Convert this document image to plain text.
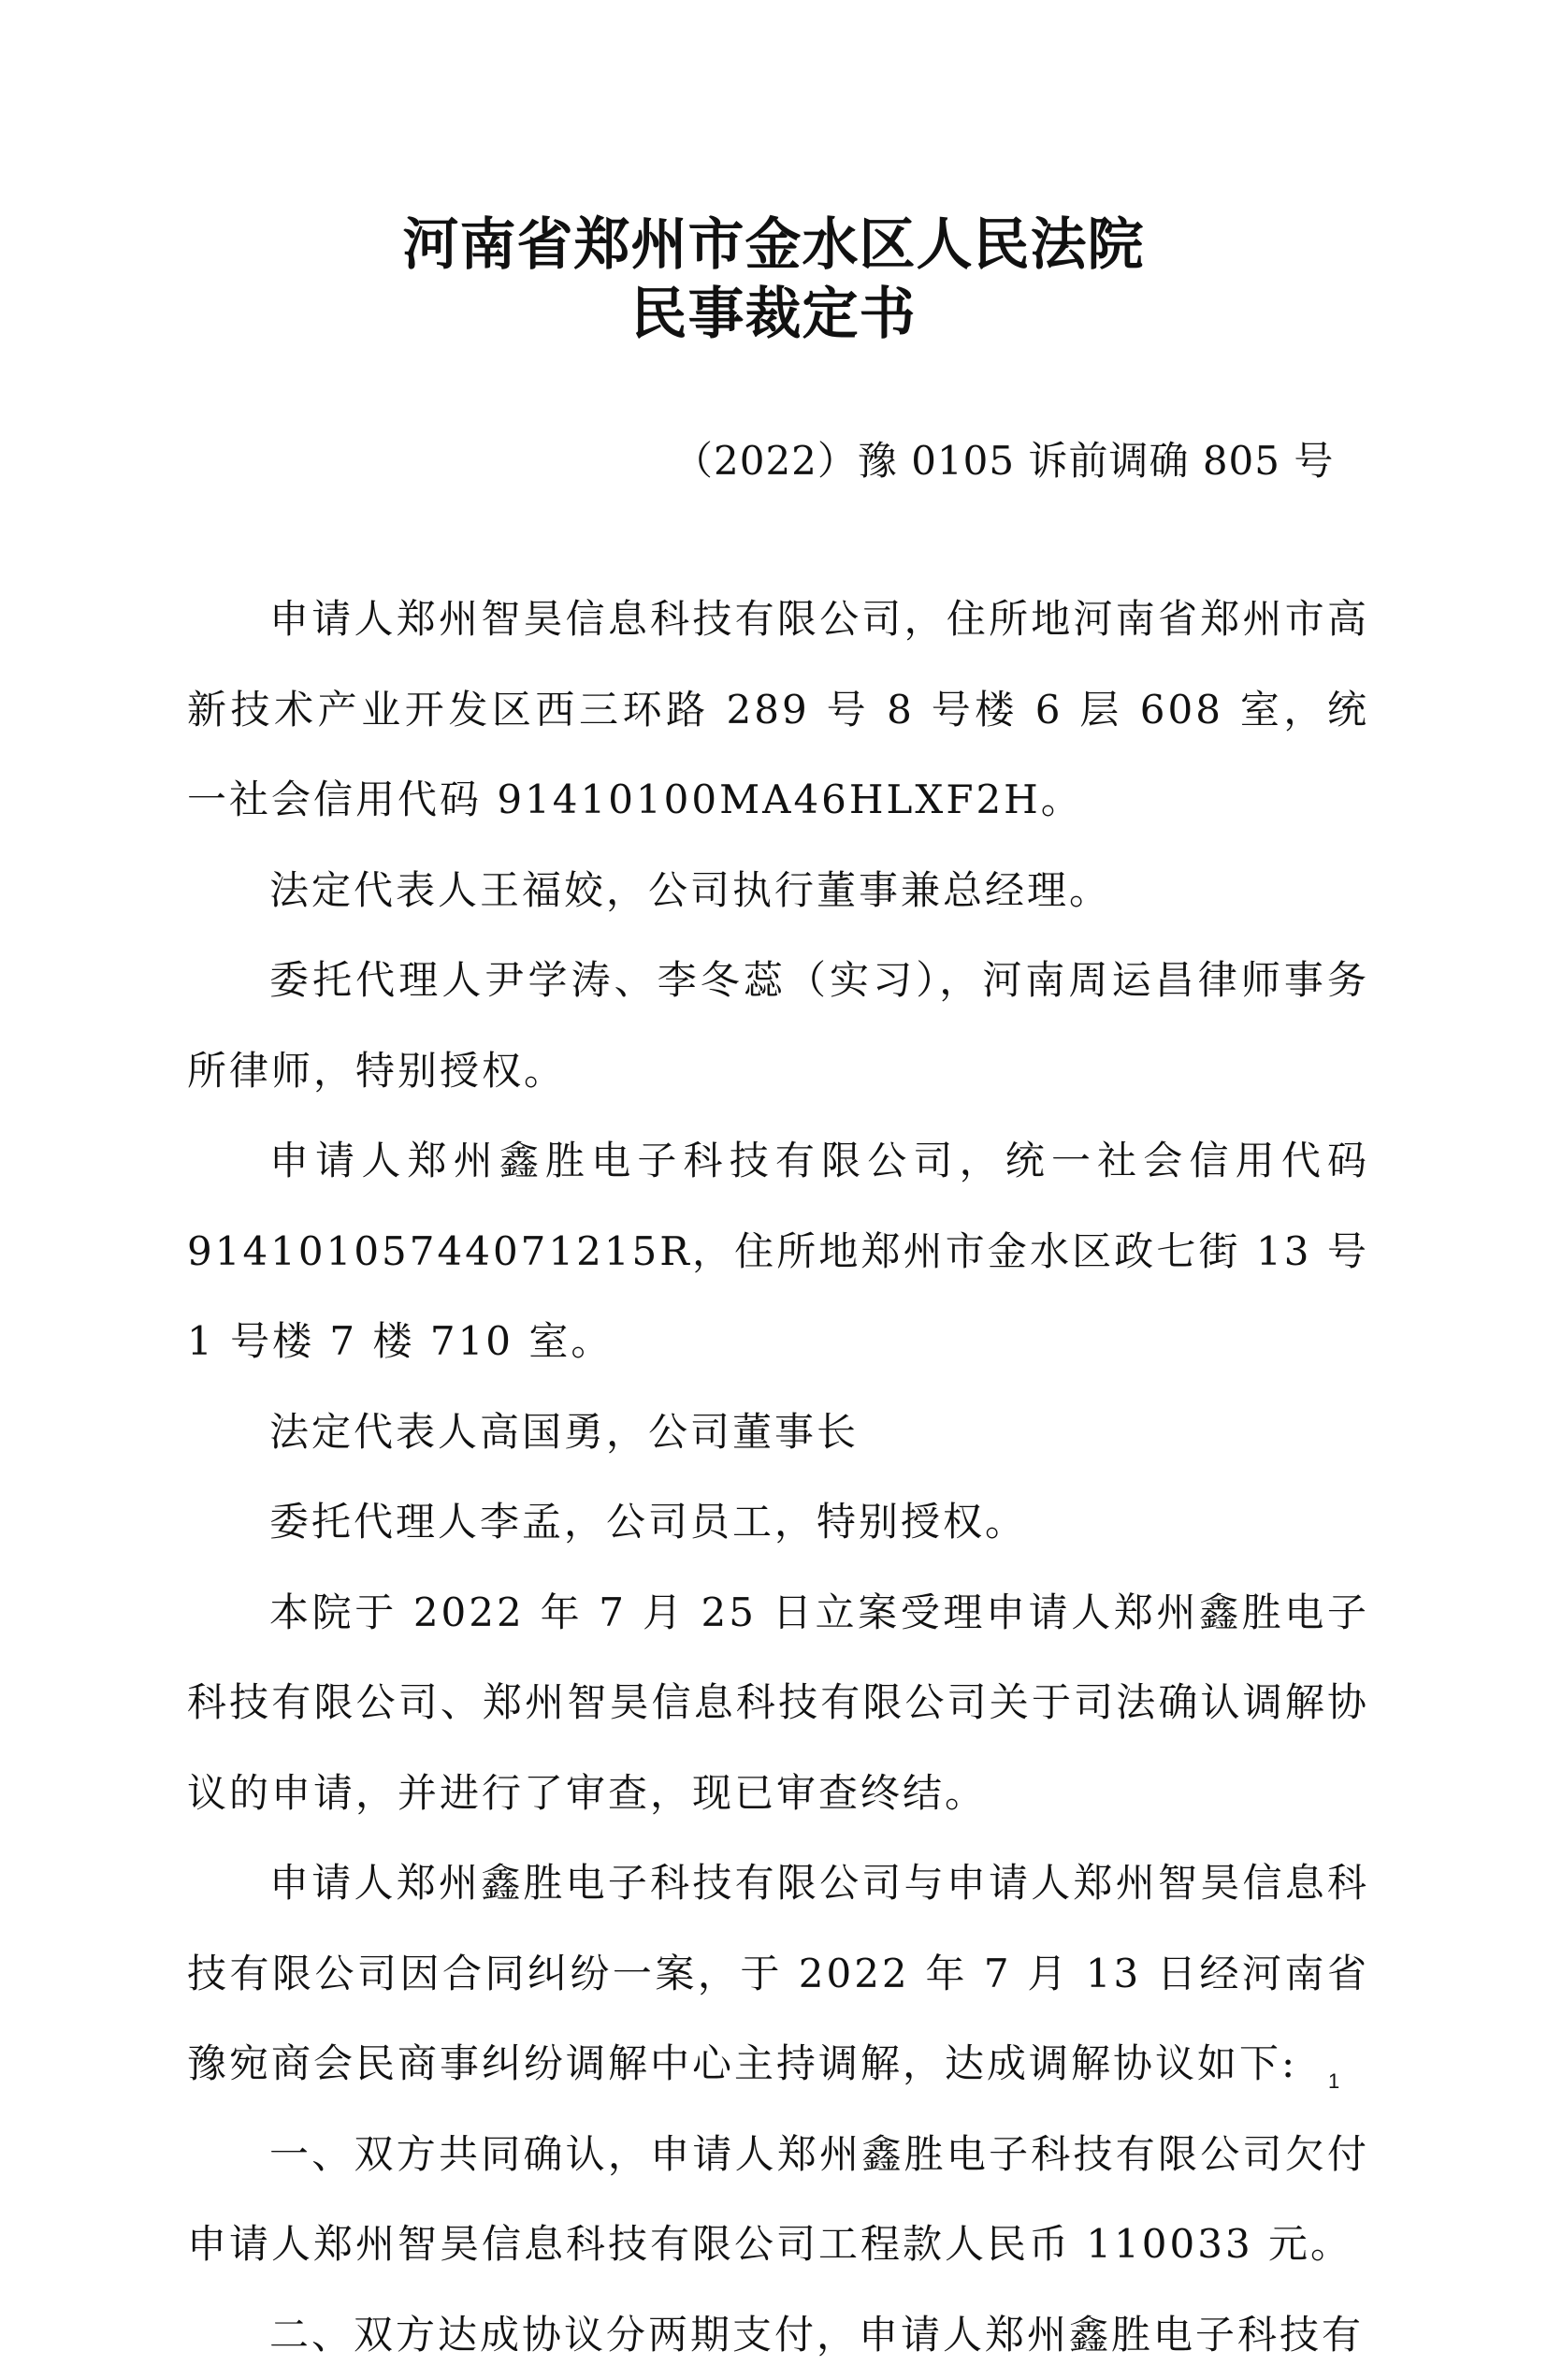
河南省郑州市金水区人民法院
民事裁定书
（2022）豫 0105 诉前调确 805 号

申请人郑州智昊信息科技有限公司，住所地河南省郑州市高新技术产业开发区西三环路 289 号 8 号楼 6 层 608 室，统一社会信用代码 91410100MA46HLXF2H。

法定代表人王福姣，公司执行董事兼总经理。

委托代理人尹学涛、李冬蕊（实习），河南周运昌律师事务所律师，特别授权。

申请人郑州鑫胜电子科技有限公司，统一社会信用代码 91410105744071215R，住所地郑州市金水区政七街 13 号 1 号楼 7 楼 710 室。

法定代表人高国勇，公司董事长

委托代理人李孟，公司员工，特别授权。

本院于 2022 年 7 月 25 日立案受理申请人郑州鑫胜电子科技有限公司、郑州智昊信息科技有限公司关于司法确认调解协议的申请，并进行了审查，现已审查终结。

申请人郑州鑫胜电子科技有限公司与申请人郑州智昊信息科技有限公司因合同纠纷一案，于 2022 年 7 月 13 日经河南省豫宛商会民商事纠纷调解中心主持调解，达成调解协议如下:

一、双方共同确认，申请人郑州鑫胜电子科技有限公司欠付申请人郑州智昊信息科技有限公司工程款人民币 110033 元。

二、双方达成协议分两期支付，申请人郑州鑫胜电子科技有

1
